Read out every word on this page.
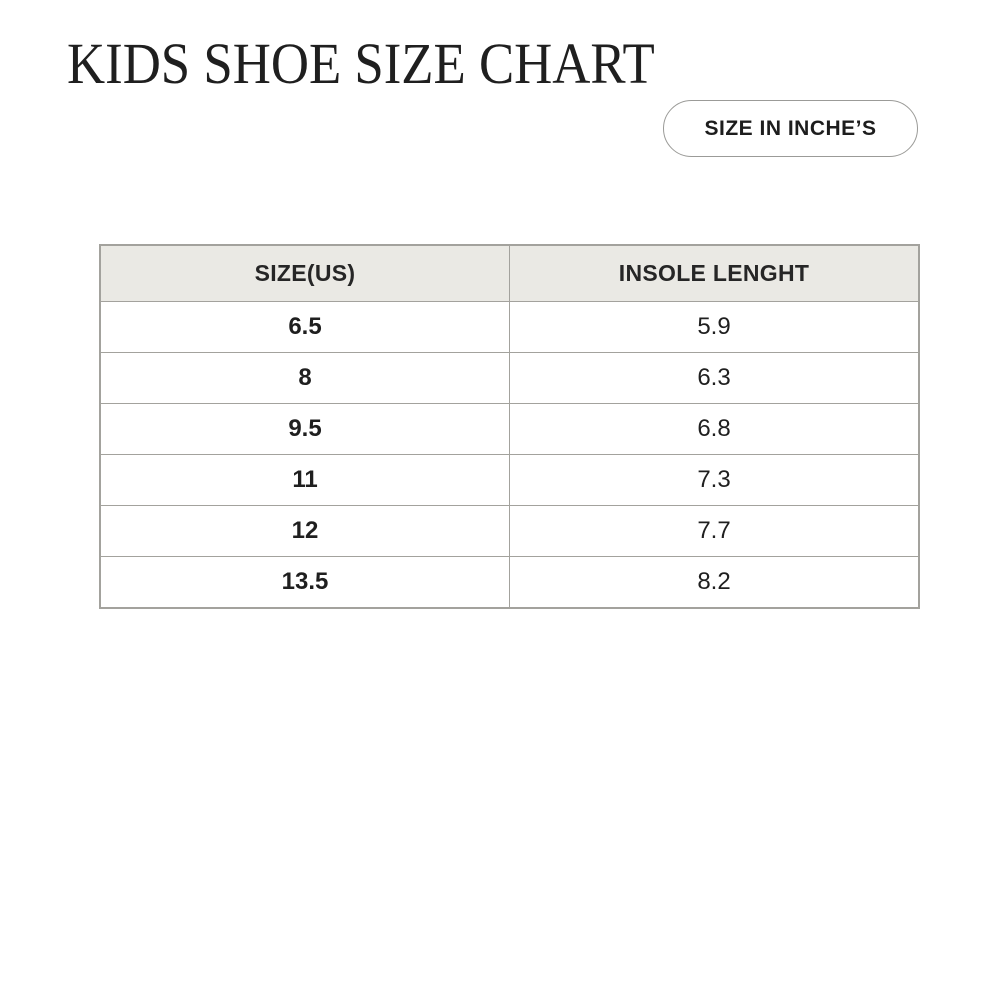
KIDS SHOE SIZE CHART
SIZE IN INCHE’S
SIZE(US)	INSOLE LENGHT
6.5	5.9
8	6.3
9.5	6.8
11	7.3
12	7.7
13.5	8.2
